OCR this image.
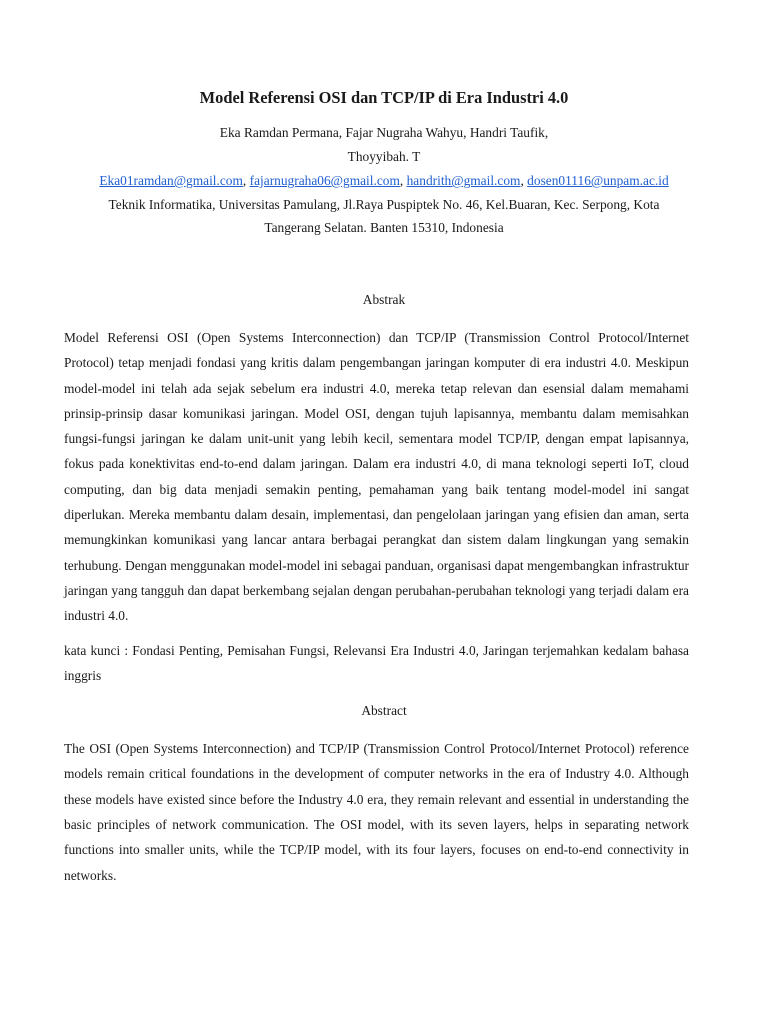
Model Referensi OSI dan TCP/IP di Era Industri 4.0
Eka Ramdan Permana, Fajar Nugraha Wahyu, Handri Taufik,
Thoyyibah. T
Eka01ramdan@gmail.com, fajarnugraha06@gmail.com, handrith@gmail.com, dosen01116@unpam.ac.id
Teknik Informatika, Universitas Pamulang, Jl.Raya Puspiptek No. 46, Kel.Buaran, Kec. Serpong, Kota
Tangerang Selatan. Banten 15310, Indonesia
Abstrak

Model Referensi OSI (Open Systems Interconnection) dan TCP/IP (Transmission Control Protocol/Internet Protocol) tetap menjadi fondasi yang kritis dalam pengembangan jaringan komputer di era industri 4.0. Meskipun model-model ini telah ada sejak sebelum era industri 4.0, mereka tetap relevan dan esensial dalam memahami prinsip-prinsip dasar komunikasi jaringan. Model OSI, dengan tujuh lapisannya, membantu dalam memisahkan fungsi-fungsi jaringan ke dalam unit-unit yang lebih kecil, sementara model TCP/IP, dengan empat lapisannya, fokus pada konektivitas end-to-end dalam jaringan. Dalam era industri 4.0, di mana teknologi seperti IoT, cloud computing, dan big data menjadi semakin penting, pemahaman yang baik tentang model-model ini sangat diperlukan. Mereka membantu dalam desain, implementasi, dan pengelolaan jaringan yang efisien dan aman, serta memungkinkan komunikasi yang lancar antara berbagai perangkat dan sistem dalam lingkungan yang semakin terhubung. Dengan menggunakan model-model ini sebagai panduan, organisasi dapat mengembangkan infrastruktur jaringan yang tangguh dan dapat berkembang sejalan dengan perubahan-perubahan teknologi yang terjadi dalam era industri 4.0.

kata kunci : Fondasi Penting, Pemisahan Fungsi, Relevansi Era Industri 4.0, Jaringan terjemahkan kedalam bahasa inggris

Abstract

The OSI (Open Systems Interconnection) and TCP/IP (Transmission Control Protocol/Internet Protocol) reference models remain critical foundations in the development of computer networks in the era of Industry 4.0. Although these models have existed since before the Industry 4.0 era, they remain relevant and essential in understanding the basic principles of network communication. The OSI model, with its seven layers, helps in separating network functions into smaller units, while the TCP/IP model, with its four layers, focuses on end-to-end connectivity in networks.
